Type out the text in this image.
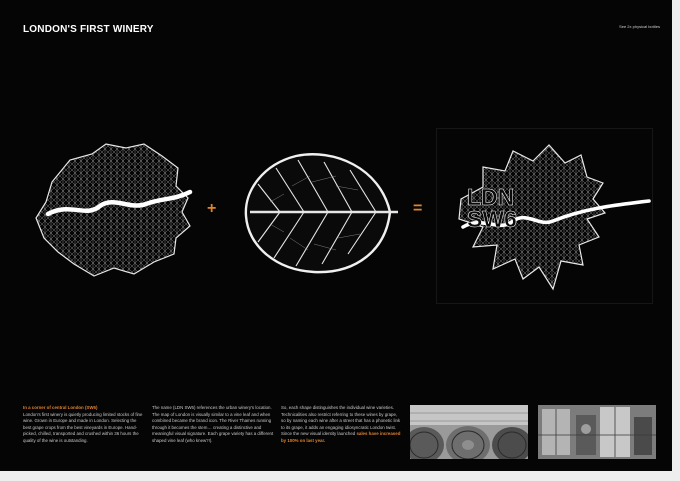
LONDON'S FIRST WINERY	See 2x physical bottles
+	= LDN
SW6

In a corner of central London (SW6)

London's first winery is quietly producing limited stocks of fine wine. Grown in Europe and made in London. Selecting the best grape crops from the best vineyards in Europe. Hand-picked, chilled, transported and crushed within 36 hours the quality of the wine is outstanding.

The name (LDN SW6) references the urban winery's location. The map of London is visually similar to a vine leaf and when combined became the brand icon. The River Thames running through it becomes the stem… creating a distinctive and meaningful visual signature. Each grape variety has a different shaped vine leaf (who knew?!).

So, each shape distinguishes the individual wine varieties. Technicalities also restrict referring to these wines by grape, so by naming each wine after a street that has a phonetic link to its grape, it adds an engaging idiosyncratic London twist. Since the new visual identity launched sales have increased by 100% on last year.
